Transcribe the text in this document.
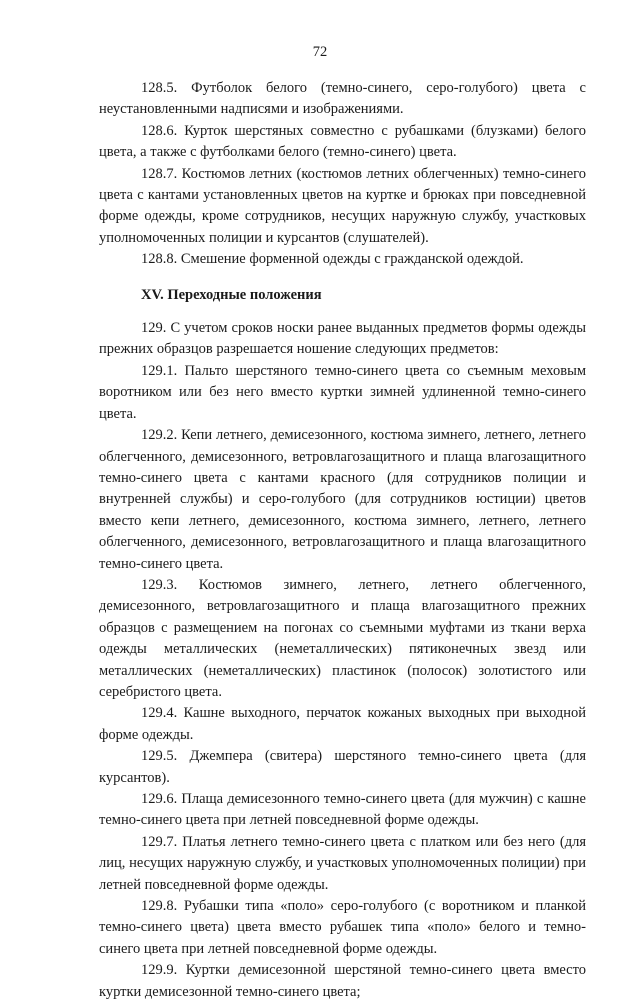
72

128.5. Футболок белого (темно-синего, серо-голубого) цвета с неустановленными надписями и изображениями.

128.6. Курток шерстяных совместно с рубашками (блузками) белого цвета, а также с футболками белого (темно-синего) цвета.

128.7. Костюмов летних (костюмов летних облегченных) темно-синего цвета с кантами установленных цветов на куртке и брюках при повседневной форме одежды, кроме сотрудников, несущих наружную службу, участковых уполномоченных полиции и курсантов (слушателей).

128.8. Смешение форменной одежды с гражданской одеждой.

XV. Переходные положения

129. С учетом сроков носки ранее выданных предметов формы одежды прежних образцов разрешается ношение следующих предметов:

129.1. Пальто шерстяного темно-синего цвета со съемным меховым воротником или без него вместо куртки зимней удлиненной темно-синего цвета.

129.2. Кепи летнего, демисезонного, костюма зимнего, летнего, летнего облегченного, демисезонного, ветровлагозащитного и плаща влагозащитного темно-синего цвета с кантами красного (для сотрудников полиции и внутренней службы) и серо-голубого (для сотрудников юстиции) цветов вместо кепи летнего, демисезонного, костюма зимнего, летнего, летнего облегченного, демисезонного, ветровлагозащитного и плаща влагозащитного темно-синего цвета.

129.3. Костюмов зимнего, летнего, летнего облегченного, демисезонного, ветровлагозащитного и плаща влагозащитного прежних образцов с размещением на погонах со съемными муфтами из ткани верха одежды металлических (неметаллических) пятиконечных звезд или металлических (неметаллических) пластинок (полосок) золотистого или серебристого цвета.

129.4. Кашне выходного, перчаток кожаных выходных при выходной форме одежды.

129.5. Джемпера (свитера) шерстяного темно-синего цвета (для курсантов).

129.6. Плаща демисезонного темно-синего цвета (для мужчин) с кашне темно-синего цвета при летней повседневной форме одежды.

129.7. Платья летнего темно-синего цвета с платком или без него (для лиц, несущих наружную службу, и участковых уполномоченных полиции) при летней повседневной форме одежды.

129.8. Рубашки типа «поло» серо-голубого (с воротником и планкой темно-синего цвета) цвета вместо рубашек типа «поло» белого и темно-синего цвета при летней повседневной форме одежды.

129.9. Куртки демисезонной шерстяной темно-синего цвета вместо куртки демисезонной темно-синего цвета;
